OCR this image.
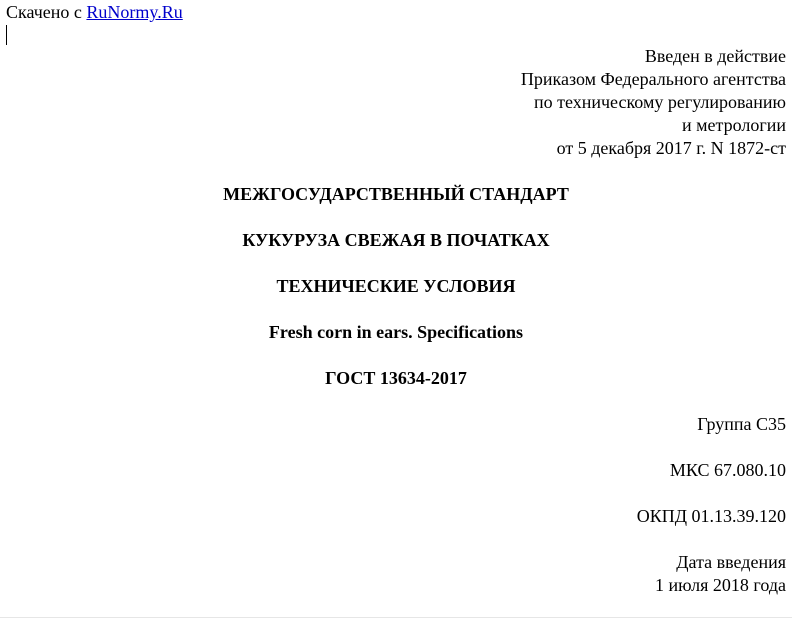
Скачено с RuNormy.Ru
Введен в действие
Приказом Федерального агентства
по техническому регулированию
и метрологии
от 5 декабря 2017 г. N 1872-ст
МЕЖГОСУДАРСТВЕННЫЙ СТАНДАРТ
КУКУРУЗА СВЕЖАЯ В ПОЧАТКАХ
ТЕХНИЧЕСКИЕ УСЛОВИЯ
Fresh corn in ears. Specifications
ГОСТ 13634-2017
Группа С35
МКС 67.080.10
ОКПД 01.13.39.120
Дата введения
1 июля 2018 года
